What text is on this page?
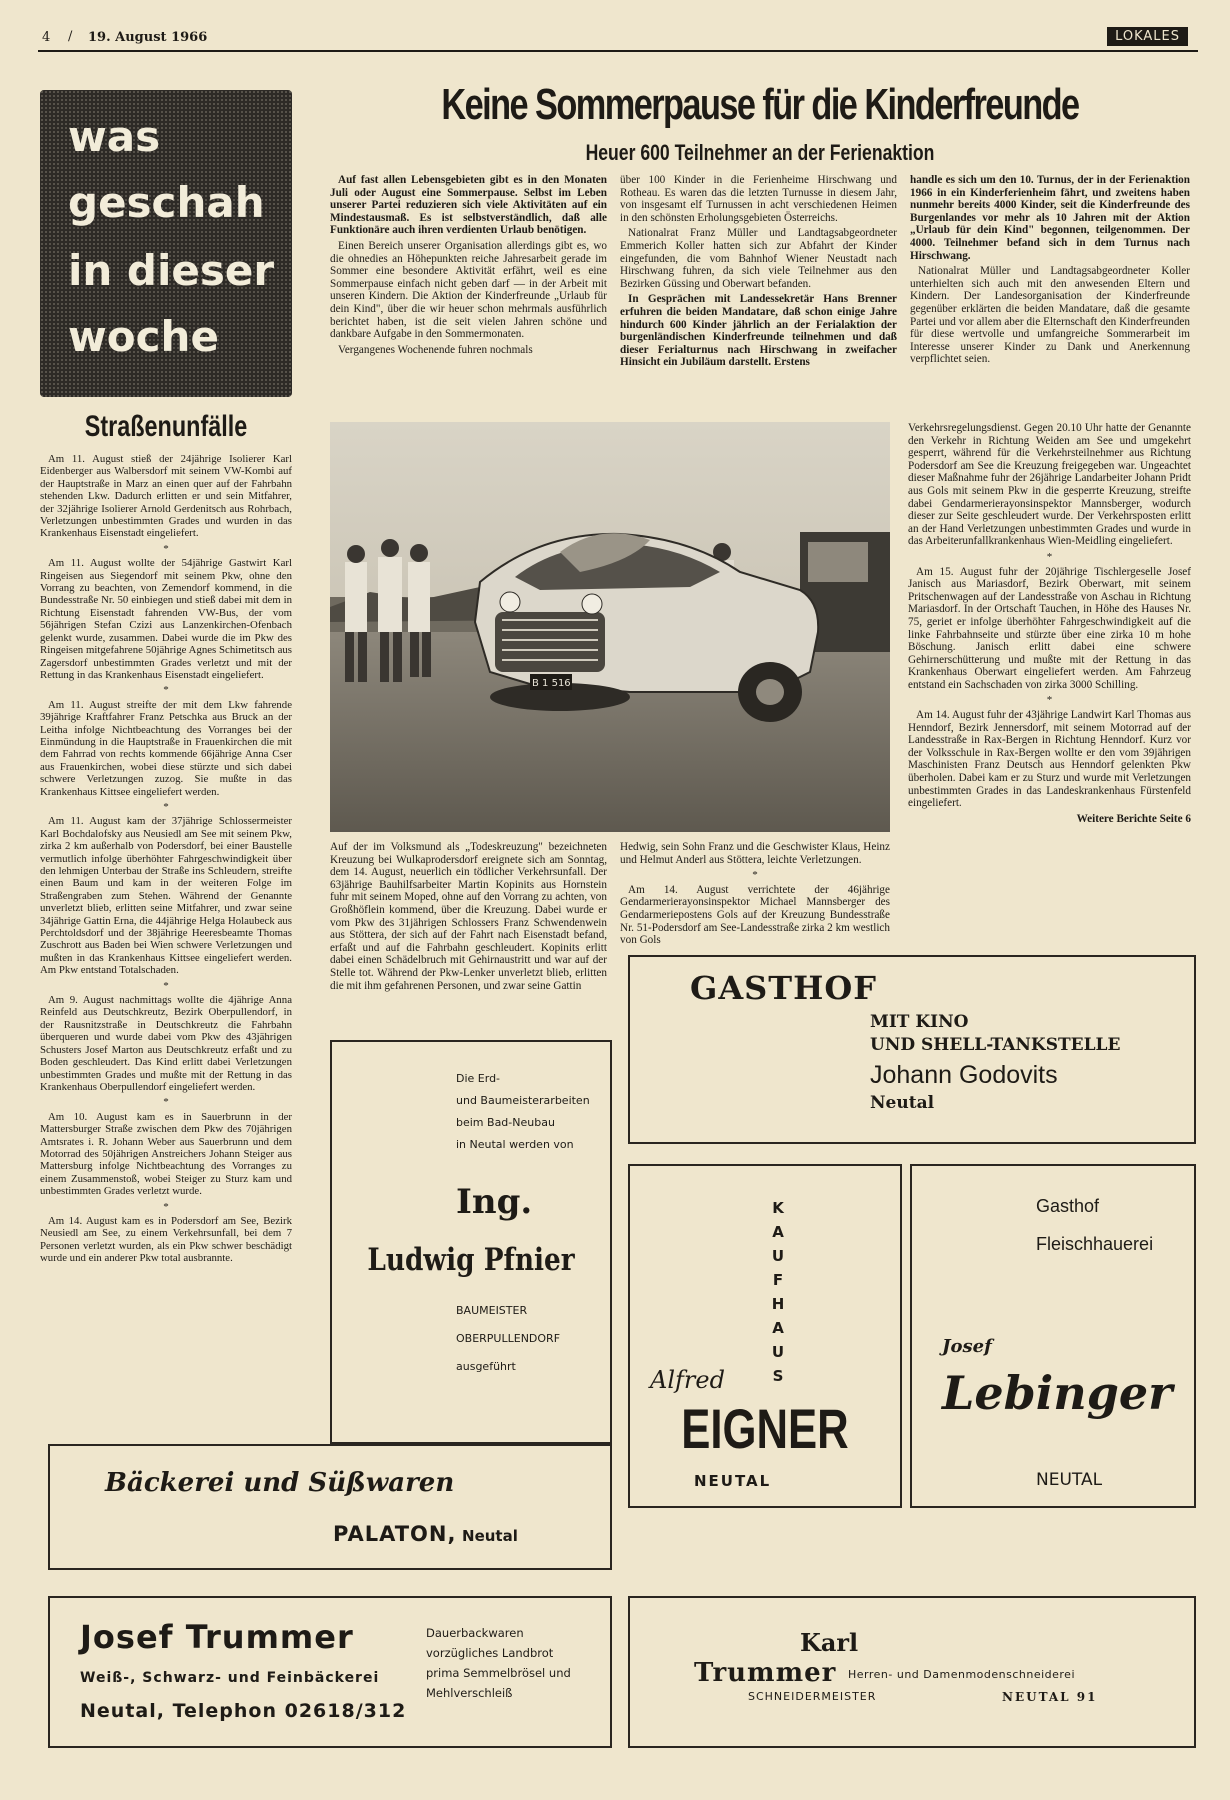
4 / 19. August 1966	LOKALES
was
geschah
in dieser
woche
Keine Sommerpause für die Kinderfreunde
Heuer 600 Teilnehmer an der Ferienaktion

Auf fast allen Lebensgebieten gibt es in den Monaten Juli oder August eine Sommerpause. Selbst im Leben unserer Partei reduzieren sich viele Aktivitäten auf ein Mindestausmaß. Es ist selbstverständlich, daß alle Funktionäre auch ihren verdienten Urlaub benötigen.

Einen Bereich unserer Organisation allerdings gibt es, wo die ohnedies an Höhepunkten reiche Jahresarbeit gerade im Sommer eine besondere Aktivität erfährt, weil es eine Sommerpause einfach nicht geben darf — in der Arbeit mit unseren Kindern. Die Aktion der Kinderfreunde „Urlaub für dein Kind", über die wir heuer schon mehrmals ausführlich berichtet haben, ist die seit vielen Jahren schöne und dankbare Aufgabe in den Sommermonaten.

Vergangenes Wochenende fuhren nochmals

über 100 Kinder in die Ferienheime Hirschwang und Rotheau. Es waren das die letzten Turnusse in diesem Jahr, von insgesamt elf Turnussen in acht verschiedenen Heimen in den schönsten Erholungsgebieten Österreichs.

Nationalrat Franz Müller und Landtagsabgeordneter Emmerich Koller hatten sich zur Abfahrt der Kinder eingefunden, die vom Bahnhof Wiener Neustadt nach Hirschwang fuhren, da sich viele Teilnehmer aus den Bezirken Güssing und Oberwart befanden.

In Gesprächen mit Landessekretär Hans Brenner erfuhren die beiden Mandatare, daß schon einige Jahre hindurch 600 Kinder jährlich an der Ferialaktion der burgenländischen Kinderfreunde teilnehmen und daß dieser Ferialturnus nach Hirschwang in zweifacher Hinsicht ein Jubiläum darstellt. Erstens

handle es sich um den 10. Turnus, der in der Ferienaktion 1966 in ein Kinderferienheim fährt, und zweitens haben nunmehr bereits 4000 Kinder, seit die Kinderfreunde des Burgenlandes vor mehr als 10 Jahren mit der Aktion „Urlaub für dein Kind" begonnen, teilgenommen. Der 4000. Teilnehmer befand sich in dem Turnus nach Hirschwang.

Nationalrat Müller und Landtagsabgeordneter Koller unterhielten sich auch mit den anwesenden Eltern und Kindern. Der Landesorganisation der Kinderfreunde gegenüber erklärten die beiden Mandatare, daß die gesamte Partei und vor allem aber die Elternschaft den Kinderfreunden für diese wertvolle und umfangreiche Sommerarbeit im Interesse unserer Kinder zu Dank und Anerkennung verpflichtet seien.

Straßenunfälle

Am 11. August stieß der 24jährige Isolierer Karl Eidenberger aus Walbersdorf mit seinem VW-Kombi auf der Hauptstraße in Marz an einen quer auf der Fahrbahn stehenden Lkw. Dadurch erlitten er und sein Mitfahrer, der 32jährige Isolierer Arnold Gerdenitsch aus Rohrbach, Verletzungen unbestimmten Grades und wurden in das Krankenhaus Eisenstadt eingeliefert.

*

Am 11. August wollte der 54jährige Gastwirt Karl Ringeisen aus Siegendorf mit seinem Pkw, ohne den Vorrang zu beachten, von Zemendorf kommend, in die Bundesstraße Nr. 50 einbiegen und stieß dabei mit dem in Richtung Eisenstadt fahrenden VW-Bus, der vom 56jährigen Stefan Czizi aus Lanzenkirchen-Ofenbach gelenkt wurde, zusammen. Dabei wurde die im Pkw des Ringeisen mitgefahrene 50jährige Agnes Schimetitsch aus Zagersdorf unbestimmten Grades verletzt und mit der Rettung in das Krankenhaus Eisenstadt eingeliefert.

*

Am 11. August streifte der mit dem Lkw fahrende 39jährige Kraftfahrer Franz Petschka aus Bruck an der Leitha infolge Nichtbeachtung des Vorranges bei der Einmündung in die Hauptstraße in Frauenkirchen die mit dem Fahrrad von rechts kommende 66jährige Anna Cser aus Frauenkirchen, wobei diese stürzte und sich dabei schwere Verletzungen zuzog. Sie mußte in das Krankenhaus Kittsee eingeliefert werden.

*

Am 11. August kam der 37jährige Schlossermeister Karl Bochdalofsky aus Neusiedl am See mit seinem Pkw, zirka 2 km außerhalb von Podersdorf, bei einer Baustelle vermutlich infolge überhöhter Fahrgeschwindigkeit über den lehmigen Unterbau der Straße ins Schleudern, streifte einen Baum und kam in der weiteren Folge im Straßengraben zum Stehen. Während der Genannte unverletzt blieb, erlitten seine Mitfahrer, und zwar seine 34jährige Gattin Erna, die 44jährige Helga Holaubeck aus Perchtoldsdorf und der 38jährige Heeresbeamte Thomas Zuschrott aus Baden bei Wien schwere Verletzungen und mußten in das Krankenhaus Kittsee eingeliefert werden. Am Pkw entstand Totalschaden.

*

Am 9. August nachmittags wollte die 4jährige Anna Reinfeld aus Deutschkreutz, Bezirk Oberpullendorf, in der Rausnitzstraße in Deutschkreutz die Fahrbahn überqueren und wurde dabei vom Pkw des 43jährigen Schusters Josef Marton aus Deutschkreutz erfaßt und zu Boden geschleudert. Das Kind erlitt dabei Verletzungen unbestimmten Grades und mußte mit der Rettung in das Krankenhaus Oberpullendorf eingeliefert werden.

*

Am 10. August kam es in Sauerbrunn in der Mattersburger Straße zwischen dem Pkw des 70jährigen Amtsrates i. R. Johann Weber aus Sauerbrunn und dem Motorrad des 50jährigen Anstreichers Johann Steiger aus Mattersburg infolge Nichtbeachtung des Vorranges zu einem Zusammenstoß, wobei Steiger zu Sturz kam und unbestimmten Grades verletzt wurde.

*

Am 14. August kam es in Podersdorf am See, Bezirk Neusiedl am See, zu einem Verkehrsunfall, bei dem 7 Personen verletzt wurden, als ein Pkw schwer beschädigt wurde und ein anderer Pkw total ausbrannte.

B 1 516

Auf der im Volksmund als „Todeskreuzung" bezeichneten Kreuzung bei Wulkaprodersdorf ereignete sich am Sonntag, dem 14. August, neuerlich ein tödlicher Verkehrsunfall. Der 63jährige Bauhilfsarbeiter Martin Kopinits aus Hornstein fuhr mit seinem Moped, ohne auf den Vorrang zu achten, von Großhöflein kommend, über die Kreuzung. Dabei wurde er vom Pkw des 31jährigen Schlossers Franz Schwendenwein aus Stöttera, der sich auf der Fahrt nach Eisenstadt befand, erfaßt und auf die Fahrbahn geschleudert. Kopinits erlitt dabei einen Schädelbruch mit Gehirnaustritt und war auf der Stelle tot. Während der Pkw-Lenker unverletzt blieb, erlitten die mit ihm gefahrenen Personen, und zwar seine Gattin

Hedwig, sein Sohn Franz und die Geschwister Klaus, Heinz und Helmut Anderl aus Stöttera, leichte Verletzungen.

*

Am 14. August verrichtete der 46jährige Gendarmerierayonsinspektor Michael Mannsberger des Gendarmeriepostens Gols auf der Kreuzung Bundesstraße Nr. 51-Podersdorf am See-Landesstraße zirka 2 km westlich von Gols

Verkehrsregelungsdienst. Gegen 20.10 Uhr hatte der Genannte den Verkehr in Richtung Weiden am See und umgekehrt gesperrt, während für die Verkehrsteilnehmer aus Richtung Podersdorf am See die Kreuzung freigegeben war. Ungeachtet dieser Maßnahme fuhr der 26jährige Landarbeiter Johann Pridt aus Gols mit seinem Pkw in die gesperrte Kreuzung, streifte dabei Gendarmerierayonsinspektor Mannsberger, wodurch dieser zur Seite geschleudert wurde. Der Verkehrsposten erlitt an der Hand Verletzungen unbestimmten Grades und wurde in das Arbeiterunfallkrankenhaus Wien-Meidling eingeliefert.

*

Am 15. August fuhr der 20jährige Tischlergeselle Josef Janisch aus Mariasdorf, Bezirk Oberwart, mit seinem Pritschenwagen auf der Landesstraße von Aschau in Richtung Mariasdorf. In der Ortschaft Tauchen, in Höhe des Hauses Nr. 75, geriet er infolge überhöhter Fahrgeschwindigkeit auf die linke Fahrbahnseite und stürzte über eine zirka 10 m hohe Böschung. Janisch erlitt dabei eine schwere Gehirnerschütterung und mußte mit der Rettung in das Krankenhaus Oberwart eingeliefert werden. Am Fahrzeug entstand ein Sachschaden von zirka 3000 Schilling.

*

Am 14. August fuhr der 43jährige Landwirt Karl Thomas aus Henndorf, Bezirk Jennersdorf, mit seinem Motorrad auf der Landesstraße in Rax-Bergen in Richtung Henndorf. Kurz vor der Volksschule in Rax-Bergen wollte er den vom 39jährigen Maschinisten Franz Deutsch aus Henndorf gelenkten Pkw überholen. Dabei kam er zu Sturz und wurde mit Verletzungen unbestimmten Grades in das Landeskrankenhaus Fürstenfeld eingeliefert.

Weitere Berichte Seite 6
GASTHOF
MIT KINO
UND SHELL-TANKSTELLE
Johann Godovits
Neutal
Die Erd-
und Baumeisterarbeiten
beim Bad-Neubau
in Neutal werden von
Ing.
Ludwig Pfnier
BAUMEISTER
OBERPULLENDORF
ausgeführt
KAUFHAUS
Alfred
EIGNER
NEUTAL
Gasthof
Fleischhauerei
Josef
Lebinger
NEUTAL
Bäckerei und Süßwaren
PALATON, Neutal
Josef Trummer
Weiß-, Schwarz- und Feinbäckerei
Neutal, Telephon 02618/312
Dauerbackwaren
vorzügliches Landbrot
prima Semmelbrösel und
Mehlverschleiß
Karl
Trummer Herren- und Damenmodenschneiderei
SCHNEIDERMEISTER	NEUTAL 91
